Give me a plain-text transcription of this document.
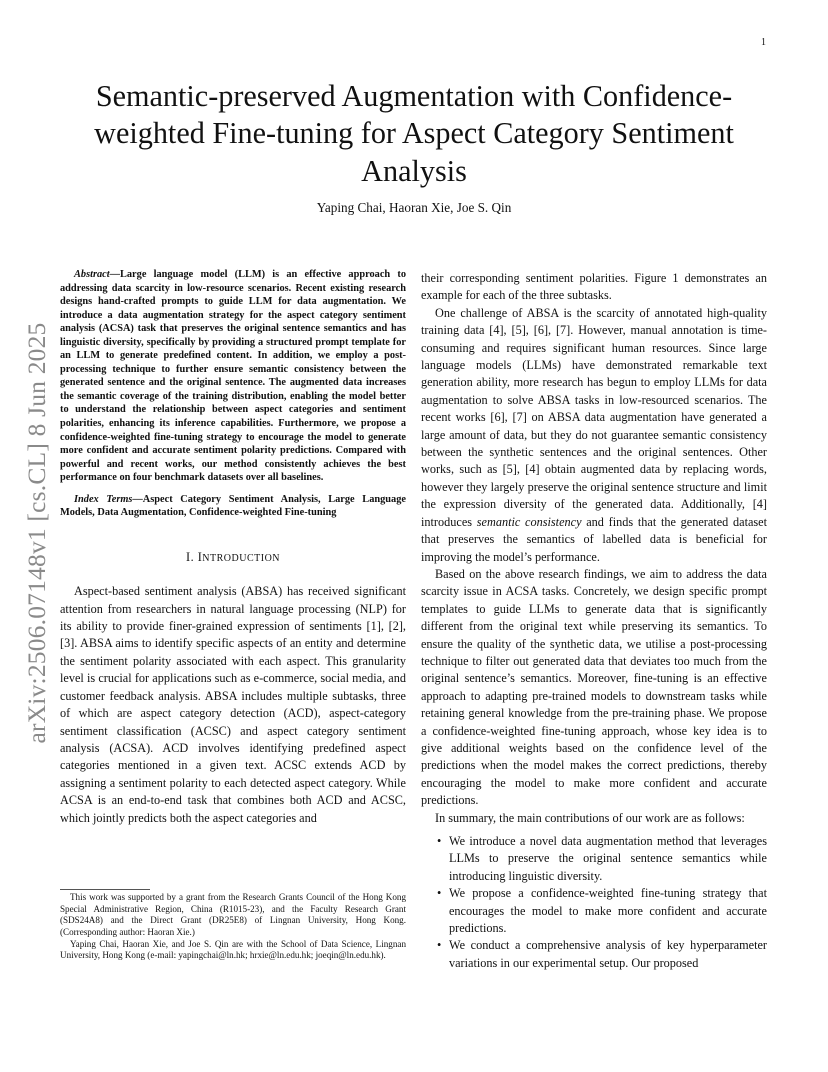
1
arXiv:2506.07148v1 [cs.CL] 8 Jun 2025
Semantic-preserved Augmentation with Confidence-weighted Fine-tuning for Aspect Category Sentiment Analysis
Yaping Chai, Haoran Xie, Joe S. Qin

Abstract—Large language model (LLM) is an effective approach to addressing data scarcity in low-resource scenarios. Recent existing research designs hand-crafted prompts to guide LLM for data augmentation. We introduce a data augmentation strategy for the aspect category sentiment analysis (ACSA) task that preserves the original sentence semantics and has linguistic diversity, specifically by providing a structured prompt template for an LLM to generate predefined content. In addition, we employ a post-processing technique to further ensure semantic consistency between the generated sentence and the original sentence. The augmented data increases the semantic coverage of the training distribution, enabling the model better to understand the relationship between aspect categories and sentiment polarities, enhancing its inference capabilities. Furthermore, we propose a confidence-weighted fine-tuning strategy to encourage the model to generate more confident and accurate sentiment polarity predictions. Compared with powerful and recent works, our method consistently achieves the best performance on four benchmark datasets over all baselines.

Index Terms—Aspect Category Sentiment Analysis, Large Language Models, Data Augmentation, Confidence-weighted Fine-tuning

I. INTRODUCTION

Aspect-based sentiment analysis (ABSA) has received significant attention from researchers in natural language processing (NLP) for its ability to provide finer-grained expression of sentiments [1], [2], [3]. ABSA aims to identify specific aspects of an entity and determine the sentiment polarity associated with each aspect. This granularity level is crucial for applications such as e-commerce, social media, and customer feedback analysis. ABSA includes multiple subtasks, three of which are aspect category detection (ACD), aspect-category sentiment classification (ACSC) and aspect category sentiment analysis (ACSA). ACD involves identifying predefined aspect categories mentioned in a given text. ACSC extends ACD by assigning a sentiment polarity to each detected aspect category. While ACSA is an end-to-end task that combines both ACD and ACSC, which jointly predicts both the aspect categories and

This work was supported by a grant from the Research Grants Council of the Hong Kong Special Administrative Region, China (R1015-23), and the Faculty Research Grant (SDS24A8) and the Direct Grant (DR25E8) of Lingnan University, Hong Kong. (Corresponding author: Haoran Xie.)

Yaping Chai, Haoran Xie, and Joe S. Qin are with the School of Data Science, Lingnan University, Hong Kong (e-mail: yapingchai@ln.hk; hrxie@ln.edu.hk; joeqin@ln.edu.hk).

their corresponding sentiment polarities. Figure 1 demonstrates an example for each of the three subtasks.

One challenge of ABSA is the scarcity of annotated high-quality training data [4], [5], [6], [7]. However, manual annotation is time-consuming and requires significant human resources. Since large language models (LLMs) have demonstrated remarkable text generation ability, more research has begun to employ LLMs for data augmentation to solve ABSA tasks in low-resourced scenarios. The recent works [6], [7] on ABSA data augmentation have generated a large amount of data, but they do not guarantee semantic consistency between the synthetic sentences and the original sentences. Other works, such as [5], [4] obtain augmented data by replacing words, however they largely preserve the original sentence structure and limit the expression diversity of the generated data. Additionally, [4] introduces semantic consistency and finds that the generated dataset that preserves the semantics of labelled data is beneficial for improving the model’s performance.

Based on the above research findings, we aim to address the data scarcity issue in ACSA tasks. Concretely, we design specific prompt templates to guide LLMs to generate data that is significantly different from the original text while preserving its semantics. To ensure the quality of the synthetic data, we utilise a post-processing technique to filter out generated data that deviates too much from the original sentence’s semantics. Moreover, fine-tuning is an effective approach to adapting pre-trained models to downstream tasks while retaining general knowledge from the pre-training phase. We propose a confidence-weighted fine-tuning approach, whose key idea is to give additional weights based on the confidence level of the predictions when the model makes the correct predictions, thereby encouraging the model to make more confident and accurate predictions.

In summary, the main contributions of our work are as follows:

• We introduce a novel data augmentation method that leverages LLMs to preserve the original sentence semantics while introducing linguistic diversity.
• We propose a confidence-weighted fine-tuning strategy that encourages the model to make more confident and accurate predictions.
• We conduct a comprehensive analysis of key hyperparameter variations in our experimental setup. Our proposed
